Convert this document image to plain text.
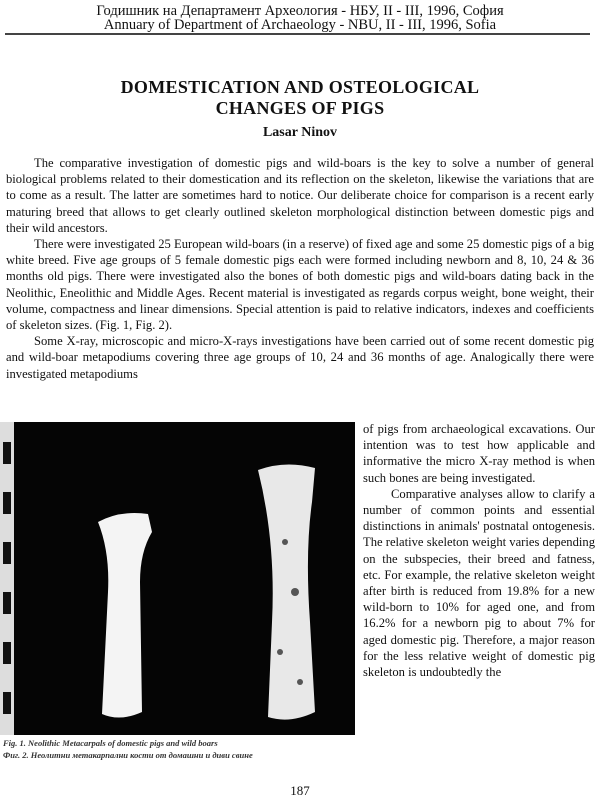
Годишник на Департамент Археология - НБУ, II - III, 1996, София
Annuary of Department of Archaeology - NBU, II - III, 1996, Sofia
DOMESTICATION AND OSTEOLOGICAL
CHANGES OF PIGS
Lasar Ninov

The comparative investigation of domestic pigs and wild-boars is the key to solve a number of general biological problems related to their domestication and its reflection on the skeleton, likewise the variations that are to come as a result. The latter are sometimes hard to notice. Our deliberate choice for comparison is a recent early maturing breed that allows to get clearly outlined skeleton morphological distinction between domestic pigs and their wild ancestors.

There were investigated 25 European wild-boars (in a reserve) of fixed age and some 25 domestic pigs of a big white breed. Five age groups of 5 female domestic pigs each were formed including newborn and 8, 10, 24 & 36 months old pigs. There were investigated also the bones of both domestic pigs and wild-boars dating back in the Neolithic, Eneolithic and Middle Ages. Recent material is investigated as regards corpus weight, bone weight, their volume, compactness and linear dimensions. Special attention is paid to relative indicators, indexes and coefficients of skeleton sizes. (Fig. 1, Fig. 2).

Some X-ray, microscopic and micro-X-rays investigations have been carried out of some recent domestic pig and wild-boar metapodiums covering three age groups of 10, 24 and 36 months of age. Analogically there were investigated metapodiums

of pigs from archaeological excavations. Our intention was to test how applicable and informative the micro X-ray method is when such bones are being investigated.

Comparative analyses allow to clarify a number of common points and essential distinctions in animals' postnatal ontogenesis. The relative skeleton weight varies depending on the subspecies, their breed and fatness, etc. For example, the relative skeleton weight after birth is reduced from 19.8% for a new wild-born to 10% for aged one, and from 16.2% for a newborn pig to about 7% for aged domestic pig. Therefore, a major reason for the less relative weight of domestic pig skeleton is undoubtedly the

Fig. 1. Neolithic Metacarpals of domestic pigs and wild boars
Фиг. 2. Неолитни метакарпални кости от домашни и диви свине
187
